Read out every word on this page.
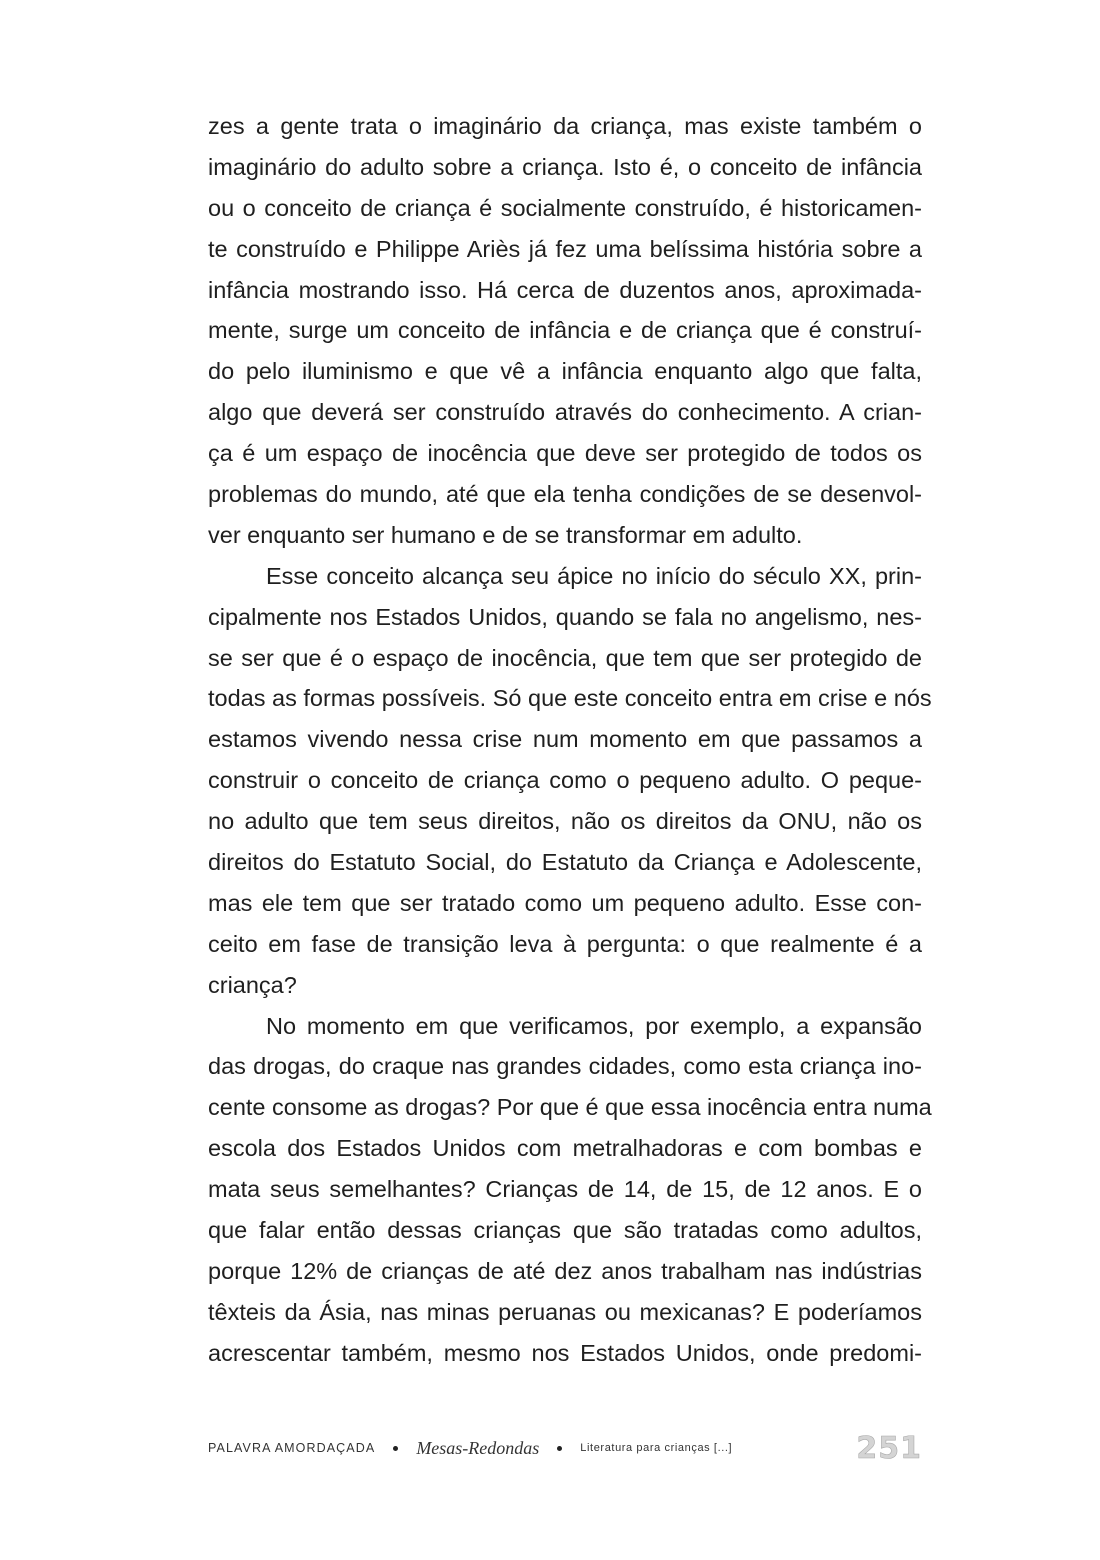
zes a gente trata o imaginário da criança, mas existe também o
imaginário do adulto sobre a criança. Isto é, o conceito de infância
ou o conceito de criança é socialmente construído, é historicamen-
te construído e Philippe Ariès já fez uma belíssima história sobre a
infância mostrando isso. Há cerca de duzentos anos, aproximada-
mente, surge um conceito de infância e de criança que é construí-
do pelo iluminismo e que vê a infância enquanto algo que falta,
algo que deverá ser construído através do conhecimento. A crian-
ça é um espaço de inocência que deve ser protegido de todos os
problemas do mundo, até que ela tenha condições de se desenvol-
ver enquanto ser humano e de se transformar em adulto.
Esse conceito alcança seu ápice no início do século XX, prin-
cipalmente nos Estados Unidos, quando se fala no angelismo, nes-
se ser que é o espaço de inocência, que tem que ser protegido de
todas as formas possíveis. Só que este conceito entra em crise e nós
estamos vivendo nessa crise num momento em que passamos a
construir o conceito de criança como o pequeno adulto. O peque-
no adulto que tem seus direitos, não os direitos da ONU, não os
direitos do Estatuto Social, do Estatuto da Criança e Adolescente,
mas ele tem que ser tratado como um pequeno adulto. Esse con-
ceito em fase de transição leva à pergunta: o que realmente é a
criança?
No momento em que verificamos, por exemplo, a expansão
das drogas, do craque nas grandes cidades, como esta criança ino-
cente consome as drogas? Por que é que essa inocência entra numa
escola dos Estados Unidos com metralhadoras e com bombas e
mata seus semelhantes? Crianças de 14, de 15, de 12 anos. E o
que falar então dessas crianças que são tratadas como adultos,
porque 12% de crianças de até dez anos trabalham nas indústrias
têxteis da Ásia, nas minas peruanas ou mexicanas? E poderíamos
acrescentar também, mesmo nos Estados Unidos, onde predomi-
PALAVRA AMORDAÇADA Mesas-Redondas	Literatura para crianças [...]	251
